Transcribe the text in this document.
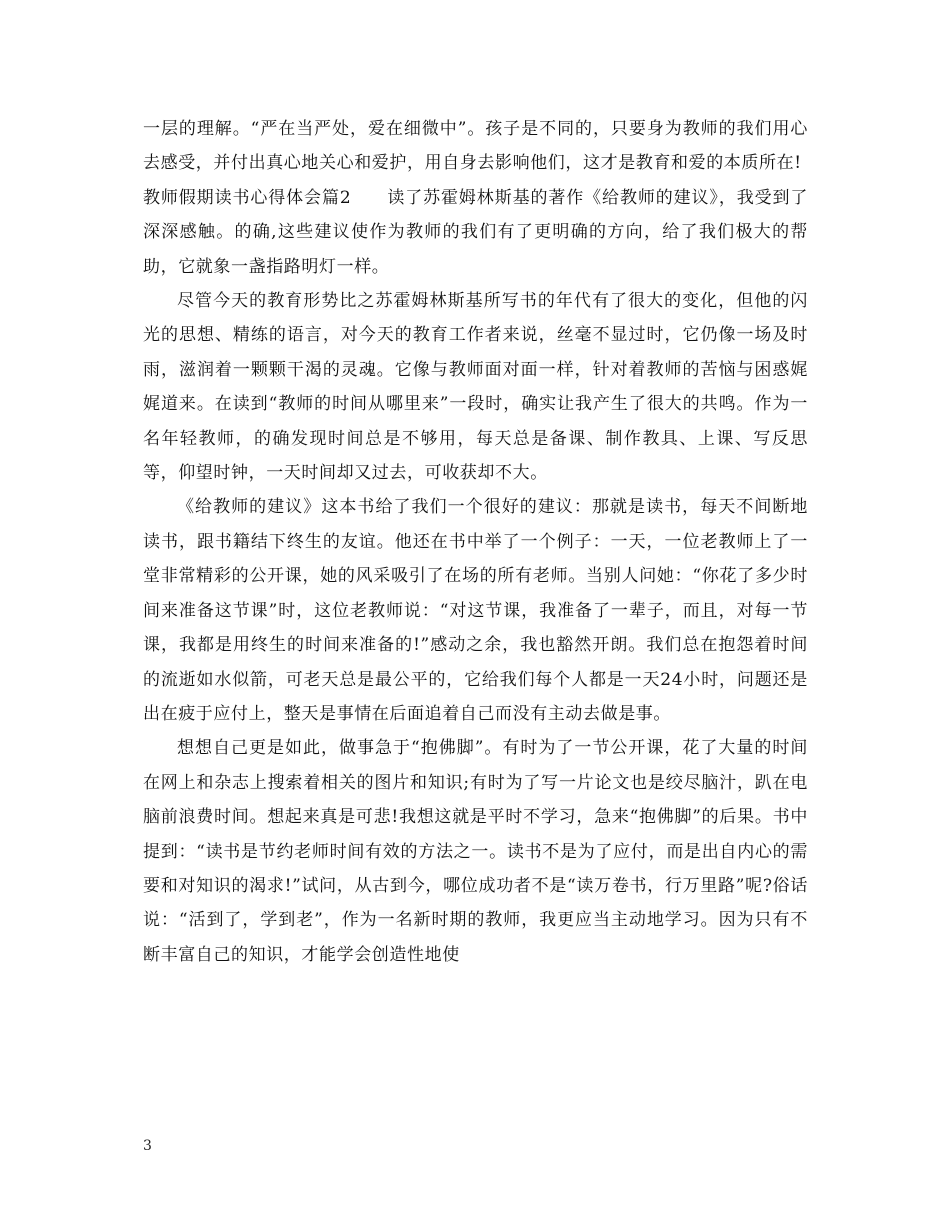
一层的理解。“严在当严处，爱在细微中”。孩子是不同的，只要身为教师的我们用心去感受，并付出真心地关心和爱护，用自身去影响他们，这才是教育和爱的本质所在!

教师假期读书心得体会篇2　　读了苏霍姆林斯基的著作《给教师的建议》，我受到了深深感触。的确,这些建议使作为教师的我们有了更明确的方向，给了我们极大的帮助，它就象一盏指路明灯一样。

尽管今天的教育形势比之苏霍姆林斯基所写书的年代有了很大的变化，但他的闪光的思想、精练的语言，对今天的教育工作者来说，丝毫不显过时，它仍像一场及时雨，滋润着一颗颗干渴的灵魂。它像与教师面对面一样，针对着教师的苦恼与困惑娓娓道来。在读到“教师的时间从哪里来”一段时，确实让我产生了很大的共鸣。作为一名年轻教师，的确发现时间总是不够用，每天总是备课、制作教具、上课、写反思等，仰望时钟，一天时间却又过去，可收获却不大。

《给教师的建议》这本书给了我们一个很好的建议：那就是读书，每天不间断地读书，跟书籍结下终生的友谊。他还在书中举了一个例子：一天，一位老教师上了一堂非常精彩的公开课，她的风采吸引了在场的所有老师。当别人问她：“你花了多少时间来准备这节课”时，这位老教师说：“对这节课，我准备了一辈子，而且，对每一节课，我都是用终生的时间来准备的!”感动之余，我也豁然开朗。我们总在抱怨着时间的流逝如水似箭，可老天总是最公平的，它给我们每个人都是一天24小时，问题还是出在疲于应付上，整天是事情在后面追着自己而没有主动去做是事。

想想自己更是如此，做事急于“抱佛脚”。有时为了一节公开课，花了大量的时间在网上和杂志上搜索着相关的图片和知识;有时为了写一片论文也是绞尽脑汁，趴在电脑前浪费时间。想起来真是可悲!我想这就是平时不学习，急来“抱佛脚”的后果。书中提到：“读书是节约老师时间有效的方法之一。读书不是为了应付，而是出自内心的需要和对知识的渴求!”试问，从古到今，哪位成功者不是“读万卷书，行万里路”呢?俗话说：“活到了，学到老”，作为一名新时期的教师，我更应当主动地学习。因为只有不断丰富自己的知识，才能学会创造性地使

3
